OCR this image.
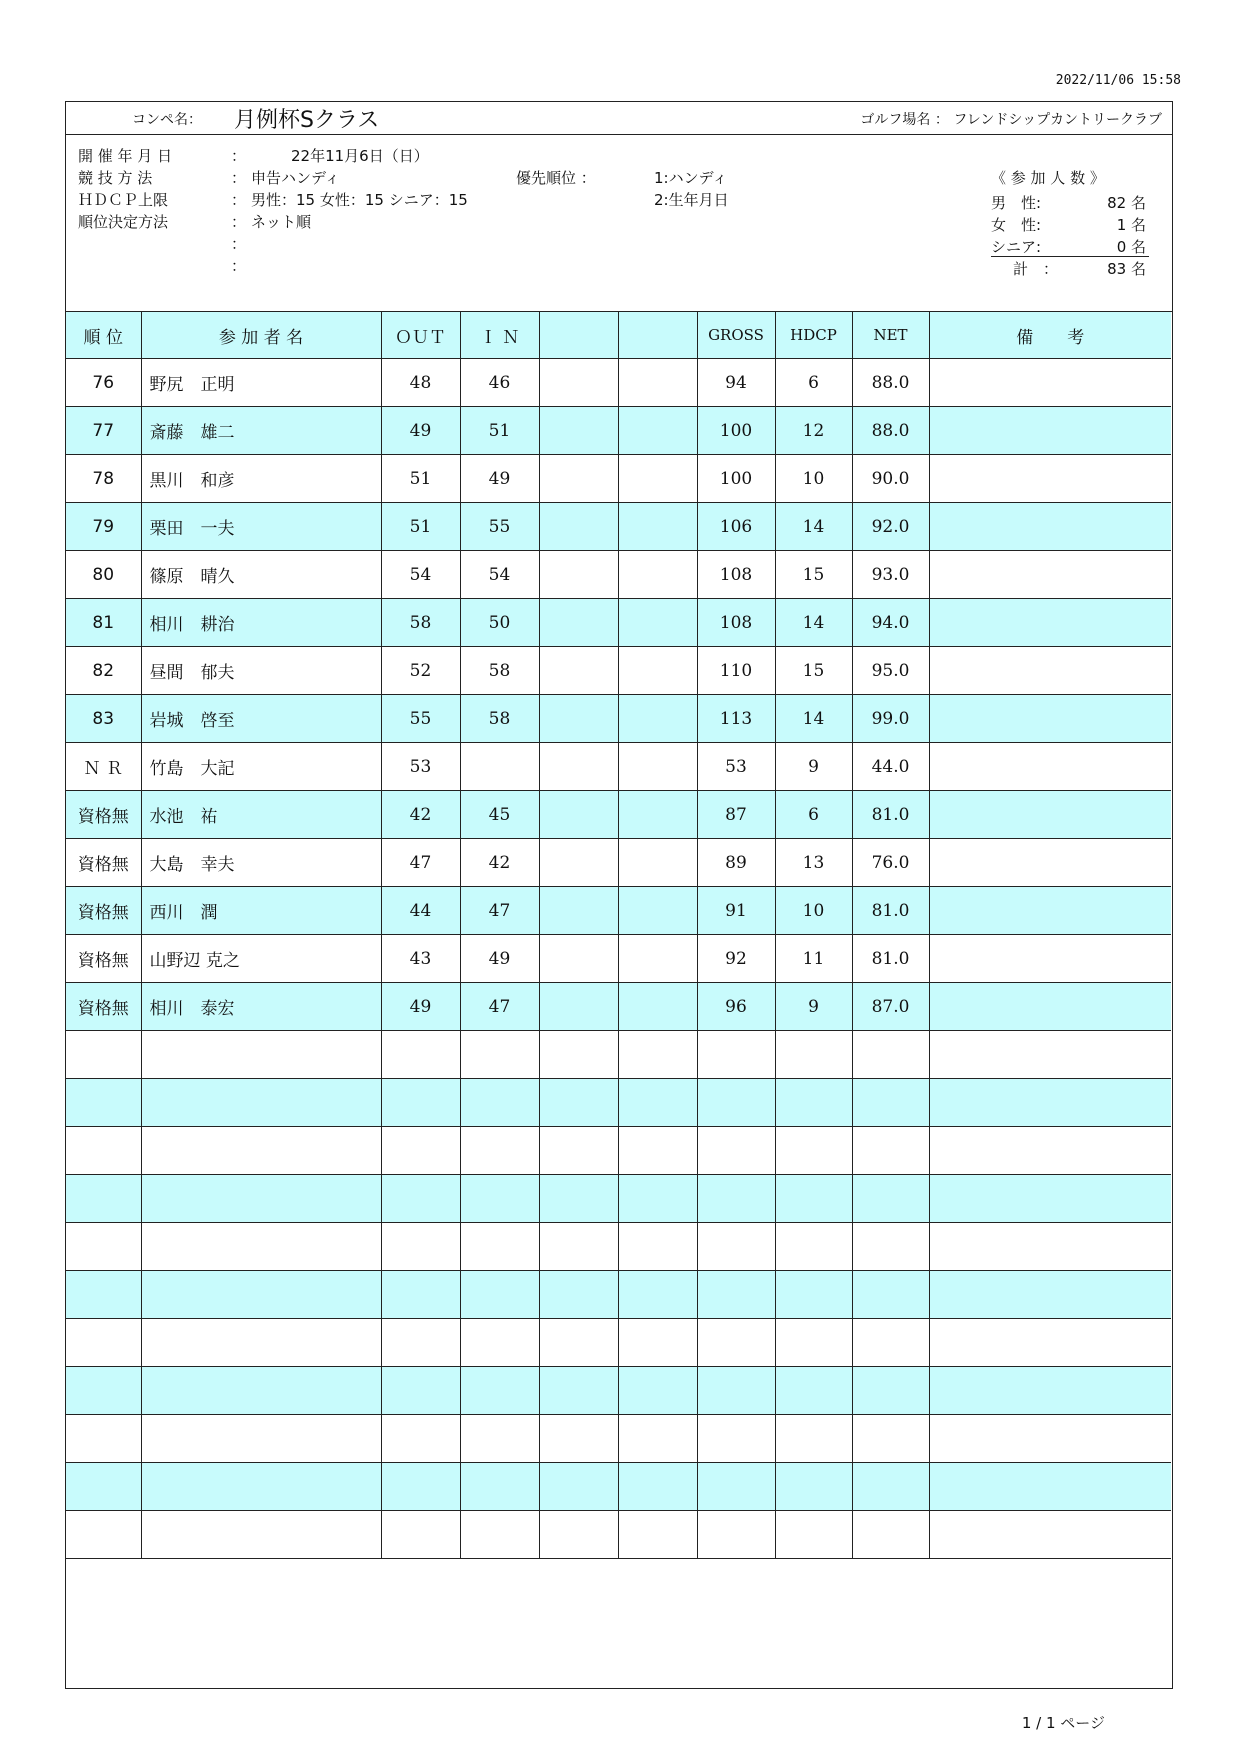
2022/11/06 15:58
コンペ名： 月例杯Sクラス	ゴルフ場名 ： フレンドシップカントリークラブ
開 催 年 月 日	：	22年11月6日（日）
競 技 方 法	： 申告ハンディ	優先順位 ：	1:ハンディ
ＨＤＣＰ上限	： 男性：15 女性：15 シニア：15	2:生年月日
順位決定方法	： ネット順
：
：
《 参 加 人 数 》
男　性:	82 名
女　性:	1 名
シニア:	0 名
計　：	83 名
順 位	参 加 者 名	ＯＵＴ	Ｉ Ｎ			GROSS	HDCP	NET	備　　考
76	野尻　正明	48	46			94	6	88.0	
77	斎藤　雄二	49	51			100	12	88.0	
78	黒川　和彦	51	49			100	10	90.0	
79	栗田　一夫	51	55			106	14	92.0	
80	篠原　晴久	54	54			108	15	93.0	
81	相川　耕治	58	50			108	14	94.0	
82	昼間　郁夫	52	58			110	15	95.0	
83	岩城　啓至	55	58			113	14	99.0	
Ｎ Ｒ	竹島　大記	53				53	9	44.0	
資格無	水池　祐	42	45			87	6	81.0	
資格無	大島　幸夫	47	42			89	13	76.0	
資格無	西川　潤	44	47			91	10	81.0	
資格無	山野辺 克之	43	49			92	11	81.0	
資格無	相川　泰宏	49	47			96	9	87.0	

1 / 1 ページ
